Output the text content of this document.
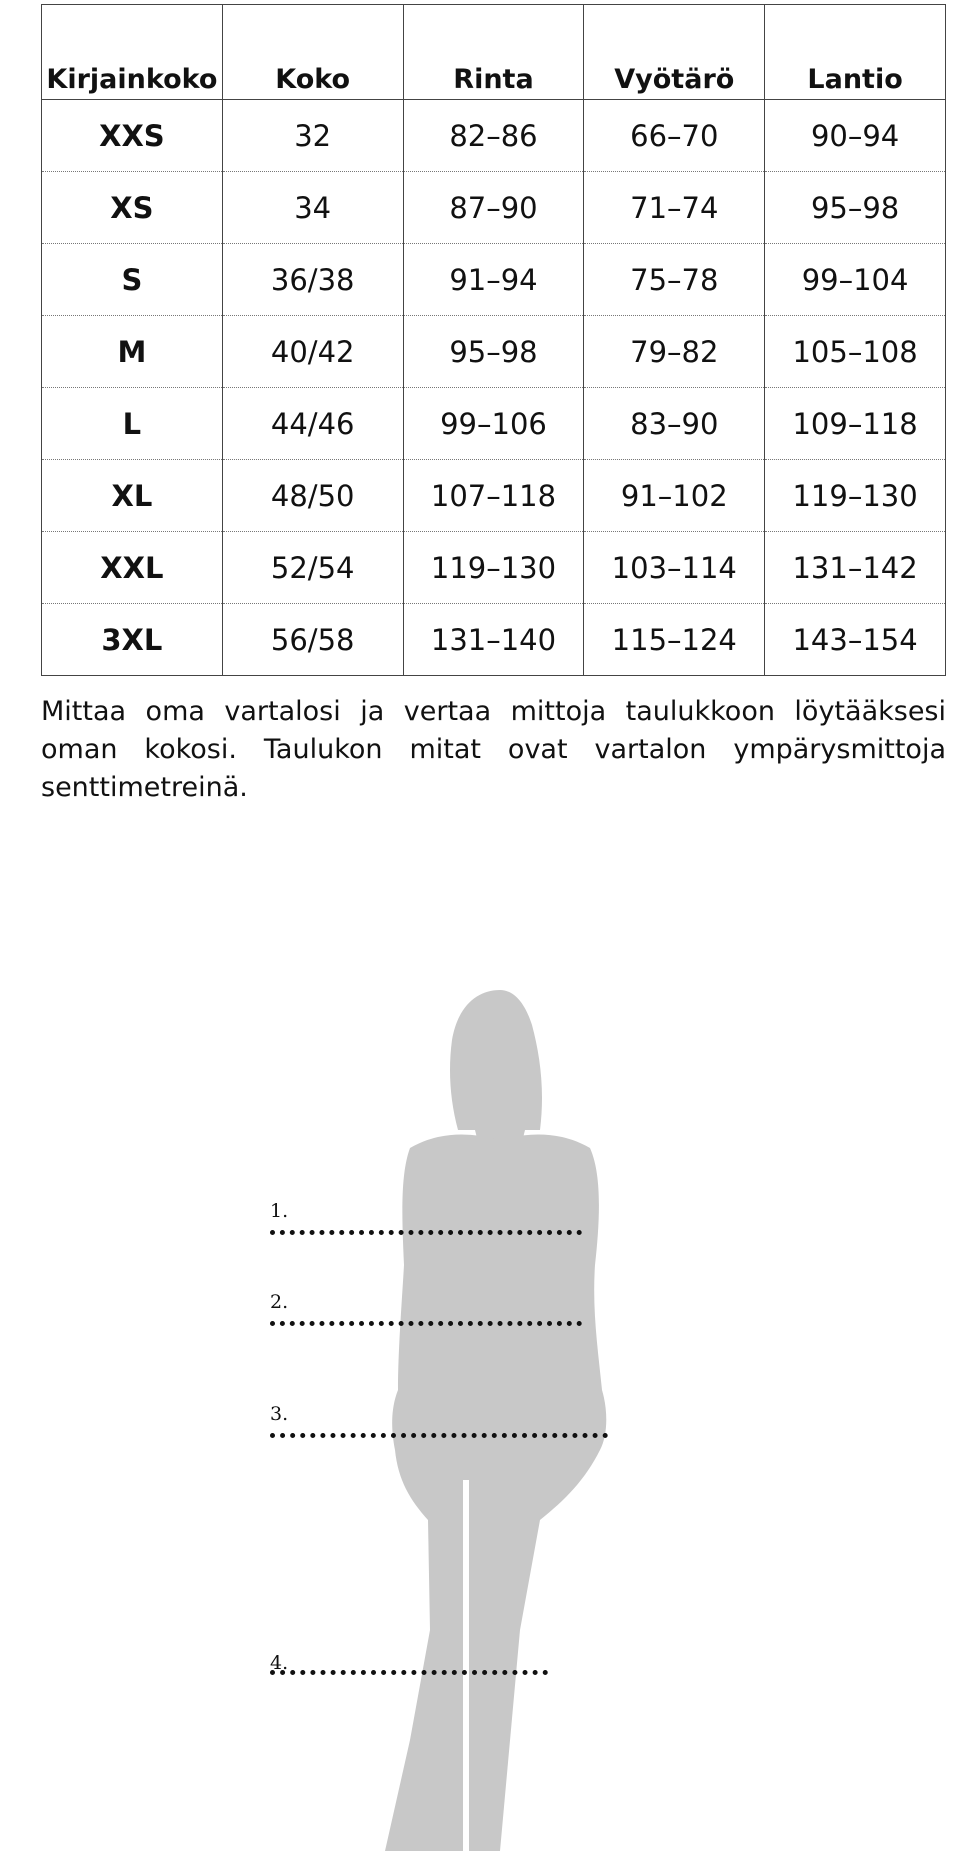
Kirjainkoko	Koko	Rinta	Vyötärö	Lantio
XXS	32	82–86	66–70	90–94
XS	34	87–90	71–74	95–98
S	36/38	91–94	75–78	99–104
M	40/42	95–98	79–82	105–108
L	44/46	99–106	83–90	109–118
XL	48/50	107–118	91–102	119–130
XXL	52/54	119–130	103–114	131–142
3XL	56/58	131–140	115–124	143–154

Mittaa oma vartalosi ja vertaa mittoja taulukkoon löytääksesi oman kokosi. Taulukon mitat ovat vartalon ympärysmittoja senttimetreinä.

1.
2.
3.
4.
